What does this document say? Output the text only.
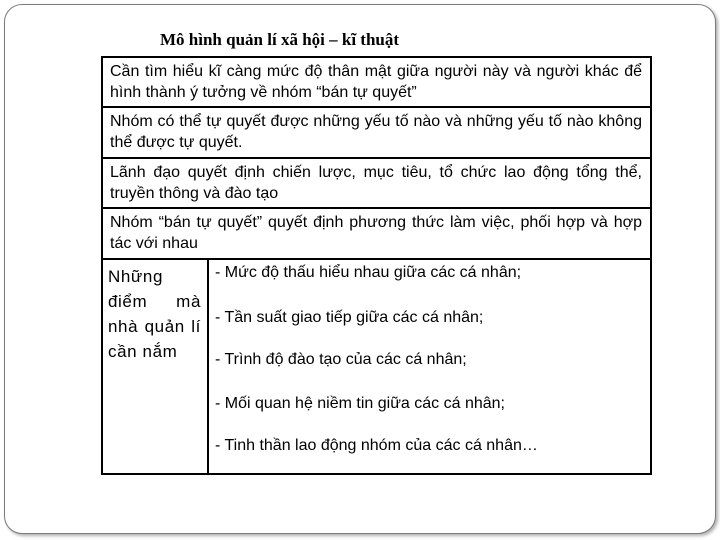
Mô hình quản lí xã hội – kĩ thuật
Cần tìm hiểu kĩ càng mức độ thân mật giữa người này và người khác để hình thành ý tưởng về nhóm “bán tự quyết”
Nhóm có thể tự quyết được những yếu tố nào và những yếu tố nào không thể được tự quyết.
Lãnh đạo quyết định chiến lược, mục tiêu, tổ chức lao động tổng thể, truyền thông và đào tạo
Nhóm “bán tự quyết” quyết định phương thức làm việc, phối hợp và hợp tác với nhau
Những điểm mà nhà quản lí cần nắm
- Mức độ thấu hiểu nhau giữa các cá nhân;
- Tần suất giao tiếp giữa các cá nhân;
- Trình độ đào tạo của các cá nhân;
- Mối quan hệ niềm tin giữa các cá nhân;
- Tinh thần lao động nhóm của các cá nhân…
